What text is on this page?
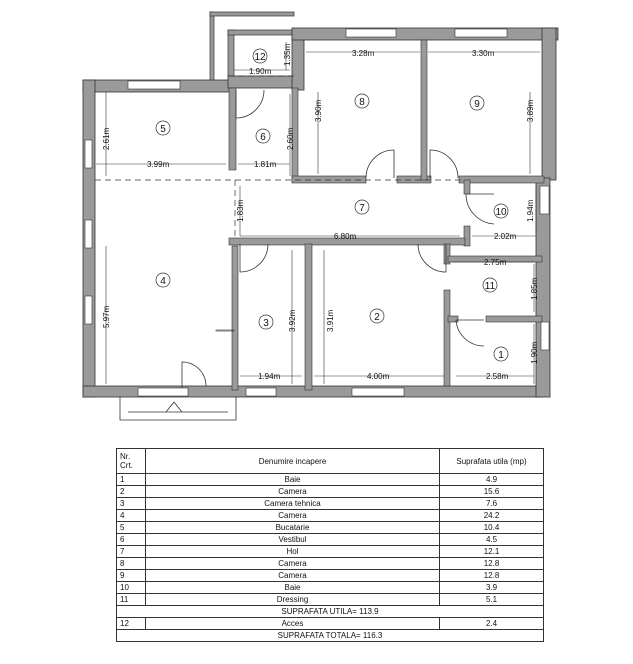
3.28m	3.30m
3.90m	3.89m
1.90m
1.35m
2.61m
3.99m
2.60m
1.81m
1.83m
6.80m
1.94m
2.02m
2.75m
1.85m
5.97m	3.92m
1.94m
3.91m
4.00m
1.90m
2.58m
12
5
6
8	9
7	10
4	11
3
2
1
Nr. Crt.	Denumire incapere	Suprafata utila (mp)
1	Baie	4.9
2	Camera	15.6
3	Camera tehnica	7.6
4	Camera	24.2
5	Bucatarie	10.4
6	Vestibul	4.5
7	Hol	12.1
8	Camera	12.8
9	Camera	12.8
10	Baie	3.9
11	Dressing	5.1
SUPRAFATA UTILA= 113.9		
12	Acces	2.4
SUPRAFATA TOTALA= 116.3		
